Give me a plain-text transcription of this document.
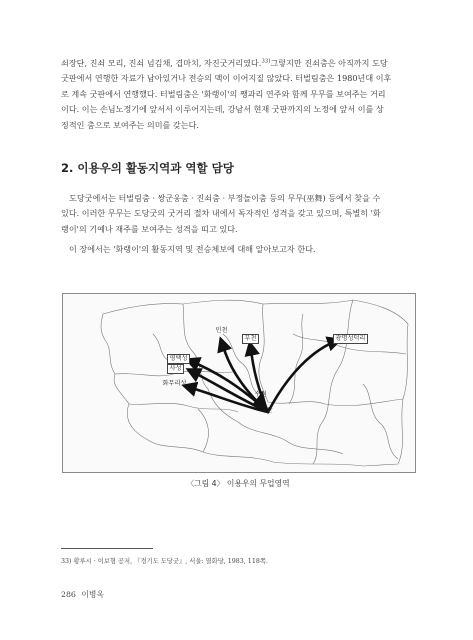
쇠장단, 진쇠 모리, 진쇠 넘김채, 겹마치, 자진굿거리였다.$^{33)}$그렇지만 진쇠춤은 아직까지 도당
굿판에서 연행한 자료가 남아있거나 전승의 맥이 이어지질 않았다. 터벌림춤은 1980년대 이후
로 계속 굿판에서 연행했다. 터벌림춤은 '화랭이'의 쨍과리 연주와 함께 무무를 보여주는 거리
이다. 이는 손님노정기에 앞서서 이루어지는데, 강남서 현재 굿판까지의 노정에 앞서 이를 상
징적인 춤으로 보여주는 의미를 갖는다.

2. 이용우의 활동지역과 역할 담당

도당굿에서는 터벌림춤 · 쌍군웅춤 · 진쇠춤 · 부정놀이춤 등의 무무(巫舞) 등에서 찾을 수
있다. 이러한 무무는 도당굿의 굿거리 절차 내에서 독자적인 성격을 갖고 있으며, 특별히 '화
랭이'의 기예나 재주를 보여주는 성격을 띠고 있다.

이 장에서는 '화랭이'의 활동지역 및 전승체보에 대해 알아보고자 한다.

민천
부천
평택성
사성
화무리성
수원
오산
광명성덕리

〈그림 4〉 이용우의 무업영역

33) 황루시 · 이보형 공저, 『경기도 도당굿』, 서울: 열화당, 1983, 118쪽.

286 이병옥
